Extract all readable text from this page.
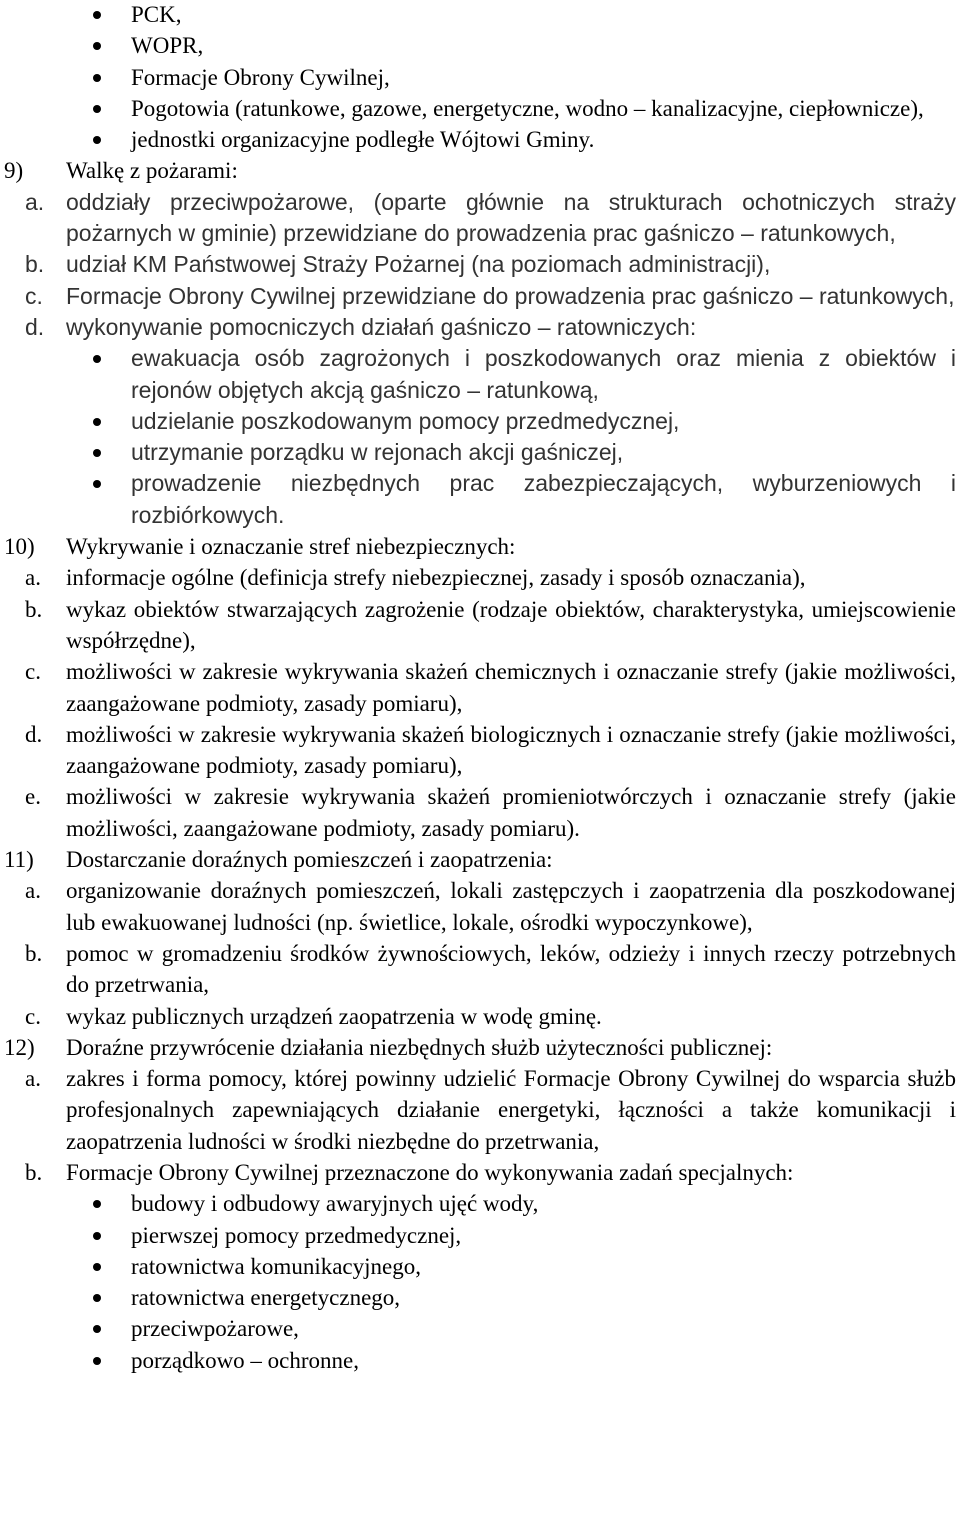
PCK,
WOPR,
Formacje Obrony Cywilnej,
Pogotowia (ratunkowe, gazowe, energetyczne, wodno – kanalizacyjne, ciepłownicze),
jednostki organizacyjne podległe Wójtowi Gminy.
9) Walkę z pożarami:
a. oddziały przeciwpożarowe, (oparte głównie na strukturach ochotniczych straży pożarnych w gminie) przewidziane do prowadzenia prac gaśniczo – ratunkowych,
b. udział KM Państwowej Straży Pożarnej (na poziomach administracji),
c. Formacje Obrony Cywilnej przewidziane do prowadzenia prac gaśniczo – ratunkowych,
d. wykonywanie pomocniczych działań gaśniczo – ratowniczych:
ewakuacja osób zagrożonych i poszkodowanych oraz mienia z obiektów i rejonów objętych akcją gaśniczo – ratunkową,
udzielanie poszkodowanym pomocy przedmedycznej,
utrzymanie porządku w rejonach akcji gaśniczej,
prowadzenie niezbędnych prac zabezpieczających, wyburzeniowych i rozbiórkowych.
10) Wykrywanie i oznaczanie stref niebezpiecznych:
a. informacje ogólne (definicja strefy niebezpiecznej, zasady i sposób oznaczania),
b. wykaz obiektów stwarzających zagrożenie (rodzaje obiektów, charakterystyka, umiejscowienie współrzędne),
c. możliwości w zakresie wykrywania skażeń chemicznych i oznaczanie strefy (jakie możliwości, zaangażowane podmioty, zasady pomiaru),
d. możliwości w zakresie wykrywania skażeń biologicznych i oznaczanie strefy (jakie możliwości, zaangażowane podmioty, zasady pomiaru),
e. możliwości w zakresie wykrywania skażeń promieniotwórczych i oznaczanie strefy (jakie możliwości, zaangażowane podmioty, zasady pomiaru).
11) Dostarczanie doraźnych pomieszczeń i zaopatrzenia:
a. organizowanie doraźnych pomieszczeń, lokali zastępczych i zaopatrzenia dla poszkodowanej lub ewakuowanej ludności (np. świetlice, lokale, ośrodki wypoczynkowe),
b. pomoc w gromadzeniu środków żywnościowych, leków, odzieży i innych rzeczy potrzebnych do przetrwania,
c. wykaz publicznych urządzeń zaopatrzenia w wodę gminę.
12) Doraźne przywrócenie działania niezbędnych służb użyteczności publicznej:
a. zakres i forma pomocy, której powinny udzielić Formacje Obrony Cywilnej do wsparcia służb profesjonalnych zapewniających działanie energetyki, łączności a także komunikacji i zaopatrzenia ludności w środki niezbędne do przetrwania,
b. Formacje Obrony Cywilnej przeznaczone do wykonywania zadań specjalnych:
budowy i odbudowy awaryjnych ujęć wody,
pierwszej pomocy przedmedycznej,
ratownictwa komunikacyjnego,
ratownictwa energetycznego,
przeciwpożarowe,
porządkowo – ochronne,
